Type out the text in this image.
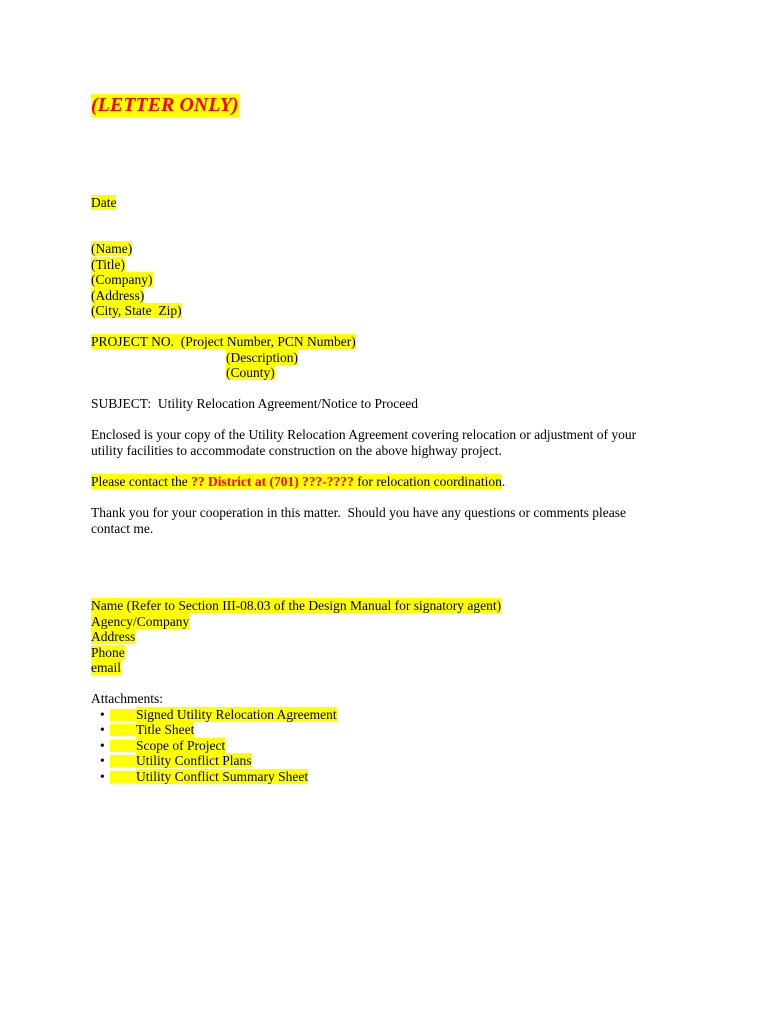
(LETTER ONLY)
Date
(Name)
(Title)
(Company)
(Address)
(City, State  Zip)
PROJECT NO.  (Project Number, PCN Number)
(Description)
(County)
SUBJECT:  Utility Relocation Agreement/Notice to Proceed
Enclosed is your copy of the Utility Relocation Agreement covering relocation or adjustment of your
utility facilities to accommodate construction on the above highway project.
Please contact the ?? District at (701) ???-???? for relocation coordination.
Thank you for your cooperation in this matter.  Should you have any questions or comments please
contact me.
Name (Refer to Section III-08.03 of the Design Manual for signatory agent)
Agency/Company
Address
Phone
email
Attachments:
• Signed Utility Relocation Agreement
• Title Sheet
• Scope of Project
• Utility Conflict Plans
• Utility Conflict Summary Sheet
